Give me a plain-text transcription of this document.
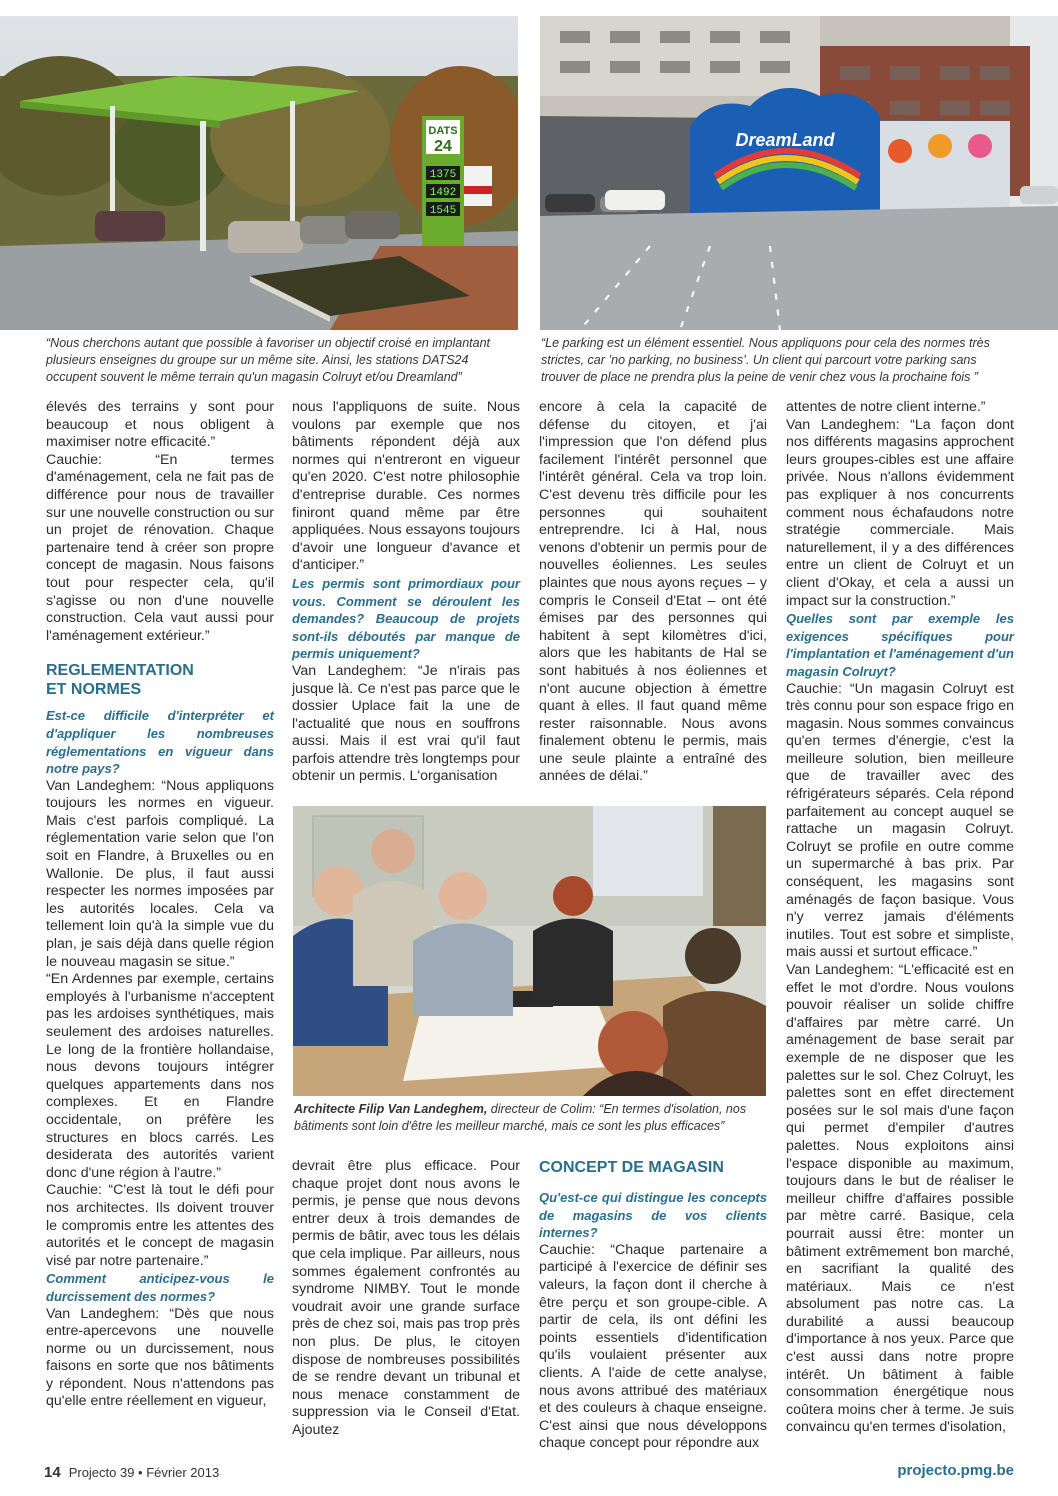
DATS
24
1375
1492
1545
DreamLand
“Nous cherchons autant que possible à favoriser un objectif croisé en implantant plusieurs enseignes du groupe sur un même site. Ainsi, les stations DATS24 occupent souvent le même terrain qu'un magasin Colruyt et/ou Dreamland”
“Le parking est un élément essentiel. Nous appliquons pour cela des normes très strictes, car ’no parking, no business’. Un client qui parcourt votre parking sans trouver de place ne prendra plus la peine de venir chez vous la prochaine fois ”

élevés des terrains y sont pour beaucoup et nous obligent à maximiser notre efficacité.”

Cauchie: “En termes d'aménagement, cela ne fait pas de différence pour nous de travailler sur une nouvelle construction ou sur un projet de rénovation. Chaque partenaire tend à créer son propre concept de magasin. Nous faisons tout pour respecter cela, qu'il s'agisse ou non d'une nouvelle construction. Cela vaut aussi pour l'aménagement extérieur.”

REGLEMENTATION ET NORMES

Est-ce difficile d'interpréter et d'appliquer les nombreuses réglementations en vigueur dans notre pays?

Van Landeghem: “Nous appliquons toujours les normes en vigueur. Mais c'est parfois compliqué. La réglementation varie selon que l'on soit en Flandre, à Bruxelles ou en Wallonie. De plus, il faut aussi respecter les normes imposées par les autorités locales. Cela va tellement loin qu'à la simple vue du plan, je sais déjà dans quelle région le nouveau magasin se situe.”

“En Ardennes par exemple, certains employés à l'urbanisme n'acceptent pas les ardoises synthétiques, mais seulement des ardoises naturelles. Le long de la frontière hollandaise, nous devons toujours intégrer quelques appartements dans nos complexes. Et en Flandre occidentale, on préfère les structures en blocs carrés. Les desiderata des autorités varient donc d'une région à l'autre.”

Cauchie: “C'est là tout le défi pour nos architectes. Ils doivent trouver le compromis entre les attentes des autorités et le concept de magasin visé par notre partenaire.”

Comment anticipez-vous le durcissement des normes?

Van Landeghem: “Dès que nous entre-apercevons une nouvelle norme ou un durcissement, nous faisons en sorte que nos bâtiments y répondent. Nous n'attendons pas qu'elle entre réellement en vigueur,

nous l'appliquons de suite. Nous voulons par exemple que nos bâtiments répondent déjà aux normes qui n'entreront en vigueur qu'en 2020. C'est notre philosophie d'entreprise durable. Ces normes finiront quand même par être appliquées. Nous essayons toujours d'avoir une longueur d'avance et d'anticiper.”

Les permis sont primordiaux pour vous. Comment se déroulent les demandes? Beaucoup de projets sont-ils déboutés par manque de permis uniquement?

Van Landeghem: “Je n'irais pas jusque là. Ce n'est pas parce que le dossier Uplace fait la une de l'actualité que nous en souffrons aussi. Mais il est vrai qu'il faut parfois attendre très longtemps pour obtenir un permis. L'organisation

encore à cela la capacité de défense du citoyen, et j'ai l'impression que l'on défend plus facilement l'intérêt personnel que l'intérêt général. Cela va trop loin. C'est devenu très difficile pour les personnes qui souhaitent entreprendre. Ici à Hal, nous venons d'obtenir un permis pour de nouvelles éoliennes. Les seules plaintes que nous ayons reçues – y compris le Conseil d'Etat – ont été émises par des personnes qui habitent à sept kilomètres d'ici, alors que les habitants de Hal se sont habitués à nos éoliennes et n'ont aucune objection à émettre quant à elles. Il faut quand même rester raisonnable. Nous avons finalement obtenu le permis, mais une seule plainte a entraîné des années de délai.”

Architecte Filip Van Landeghem, directeur de Colim: “En termes d'isolation, nos bâtiments sont loin d'être les meilleur marché, mais ce sont les plus efficaces”

devrait être plus efficace. Pour chaque projet dont nous avons le permis, je pense que nous devons entrer deux à trois demandes de permis de bâtir, avec tous les délais que cela implique. Par ailleurs, nous sommes également confrontés au syndrome NIMBY. Tout le monde voudrait avoir une grande surface près de chez soi, mais pas trop près non plus. De plus, le citoyen dispose de nombreuses possibilités de se rendre devant un tribunal et nous menace constamment de suppression via le Conseil d'Etat. Ajoutez

CONCEPT DE MAGASIN

Qu'est-ce qui distingue les concepts de magasins de vos clients internes?

Cauchie: “Chaque partenaire a participé à l'exercice de définir ses valeurs, la façon dont il cherche à être perçu et son groupe-cible. A partir de cela, ils ont défini les points essentiels d'identification qu'ils voulaient présenter aux clients. A l'aide de cette analyse, nous avons attribué des matériaux et des couleurs à chaque enseigne. C'est ainsi que nous développons chaque concept pour répondre aux

attentes de notre client interne.”

Van Landeghem: “La façon dont nos différents magasins approchent leurs groupes-cibles est une affaire privée. Nous n'allons évidemment pas expliquer à nos concurrents comment nous échafaudons notre stratégie commerciale. Mais naturellement, il y a des différences entre un client de Colruyt et un client d'Okay, et cela a aussi un impact sur la construction.”

Quelles sont par exemple les exigences spécifiques pour l'implantation et l'aménagement d'un magasin Colruyt?

Cauchie: “Un magasin Colruyt est très connu pour son espace frigo en magasin. Nous sommes convaincus qu'en termes d'énergie, c'est la meilleure solution, bien meilleure que de travailler avec des réfrigérateurs séparés. Cela répond parfaitement au concept auquel se rattache un magasin Colruyt. Colruyt se profile en outre comme un supermarché à bas prix. Par conséquent, les magasins sont aménagés de façon basique. Vous n'y verrez jamais d'éléments inutiles. Tout est sobre et simpliste, mais aussi et surtout efficace.”

Van Landeghem: “L'efficacité est en effet le mot d'ordre. Nous voulons pouvoir réaliser un solide chiffre d'affaires par mètre carré. Un aménagement de base serait par exemple de ne disposer que les palettes sur le sol. Chez Colruyt, les palettes sont en effet directement posées sur le sol mais d'une façon qui permet d'empiler d'autres palettes. Nous exploitons ainsi l'espace disponible au maximum, toujours dans le but de réaliser le meilleur chiffre d'affaires possible par mètre carré. Basique, cela pourrait aussi être: monter un bâtiment extrêmement bon marché, en sacrifiant la qualité des matériaux. Mais ce n'est absolument pas notre cas. La durabilité a aussi beaucoup d'importance à nos yeux. Parce que c'est aussi dans notre propre intérêt. Un bâtiment à faible consommation énergétique nous coûtera moins cher à terme. Je suis convaincu qu'en termes d'isolation,

14 Projecto 39 • Février 2013	projecto.pmg.be
